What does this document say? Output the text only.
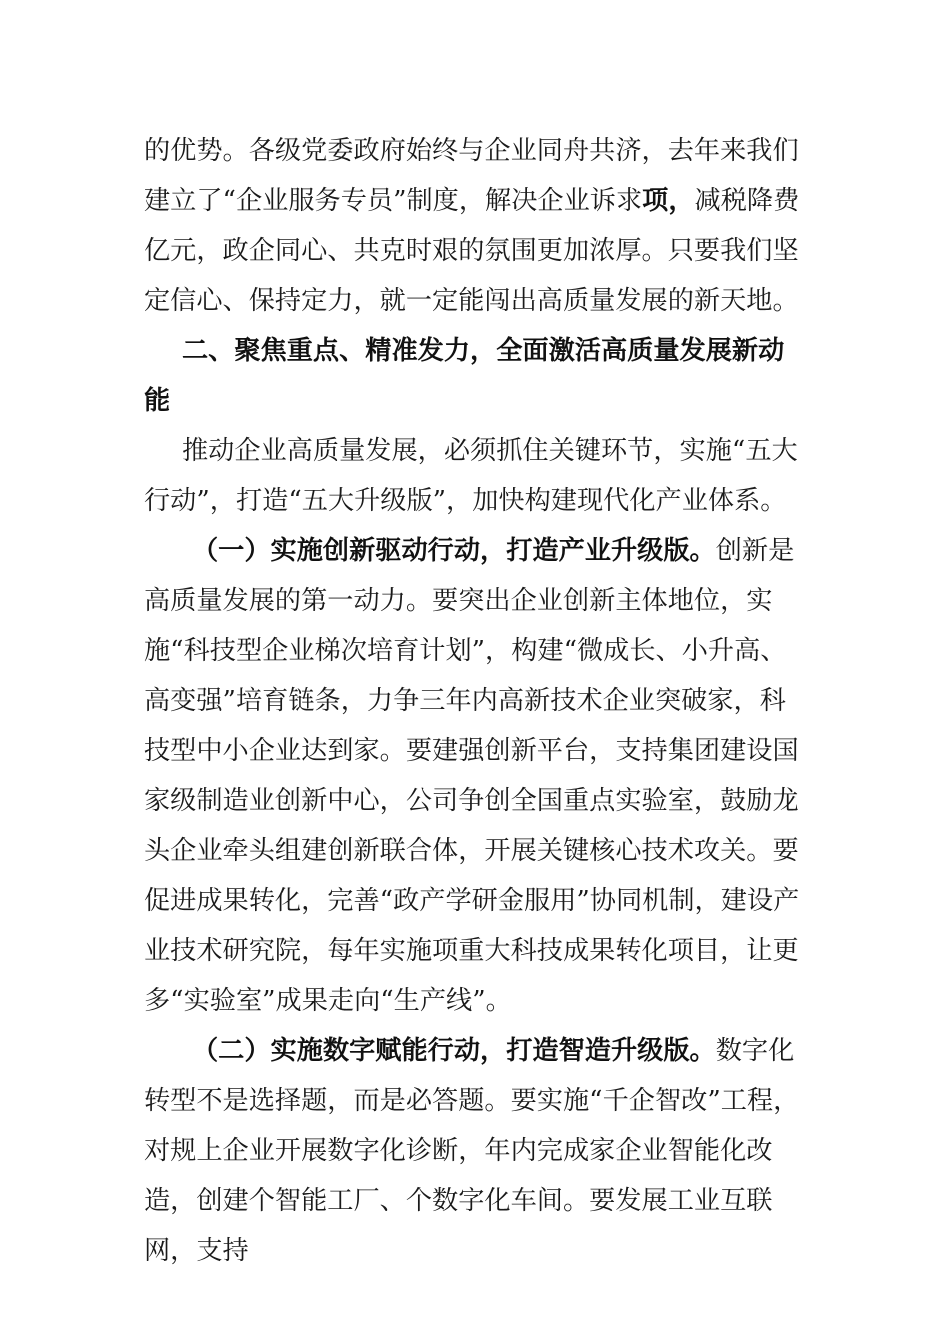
的优势。各级党委政府始终与企业同舟共济，去年来我们建立了“企业服务专员”制度，解决企业诉求项，减税降费亿元，政企同心、共克时艰的氛围更加浓厚。只要我们坚定信心、保持定力，就一定能闯出高质量发展的新天地。

二、聚焦重点、精准发力，全面激活高质量发展新动能

推动企业高质量发展，必须抓住关键环节，实施“五大行动”，打造“五大升级版”，加快构建现代化产业体系。

（一）实施创新驱动行动，打造产业升级版。创新是高质量发展的第一动力。要突出企业创新主体地位，实施“科技型企业梯次培育计划”，构建“微成长、小升高、高变强”培育链条，力争三年内高新技术企业突破家，科技型中小企业达到家。要建强创新平台，支持集团建设国家级制造业创新中心，公司争创全国重点实验室，鼓励龙头企业牵头组建创新联合体，开展关键核心技术攻关。要促进成果转化，完善“政产学研金服用”协同机制，建设产业技术研究院，每年实施项重大科技成果转化项目，让更多“实验室”成果走向“生产线”。

（二）实施数字赋能行动，打造智造升级版。数字化转型不是选择题，而是必答题。要实施“千企智改”工程，对规上企业开展数字化诊断，年内完成家企业智能化改造，创建个智能工厂、个数字化车间。要发展工业互联网，支持
